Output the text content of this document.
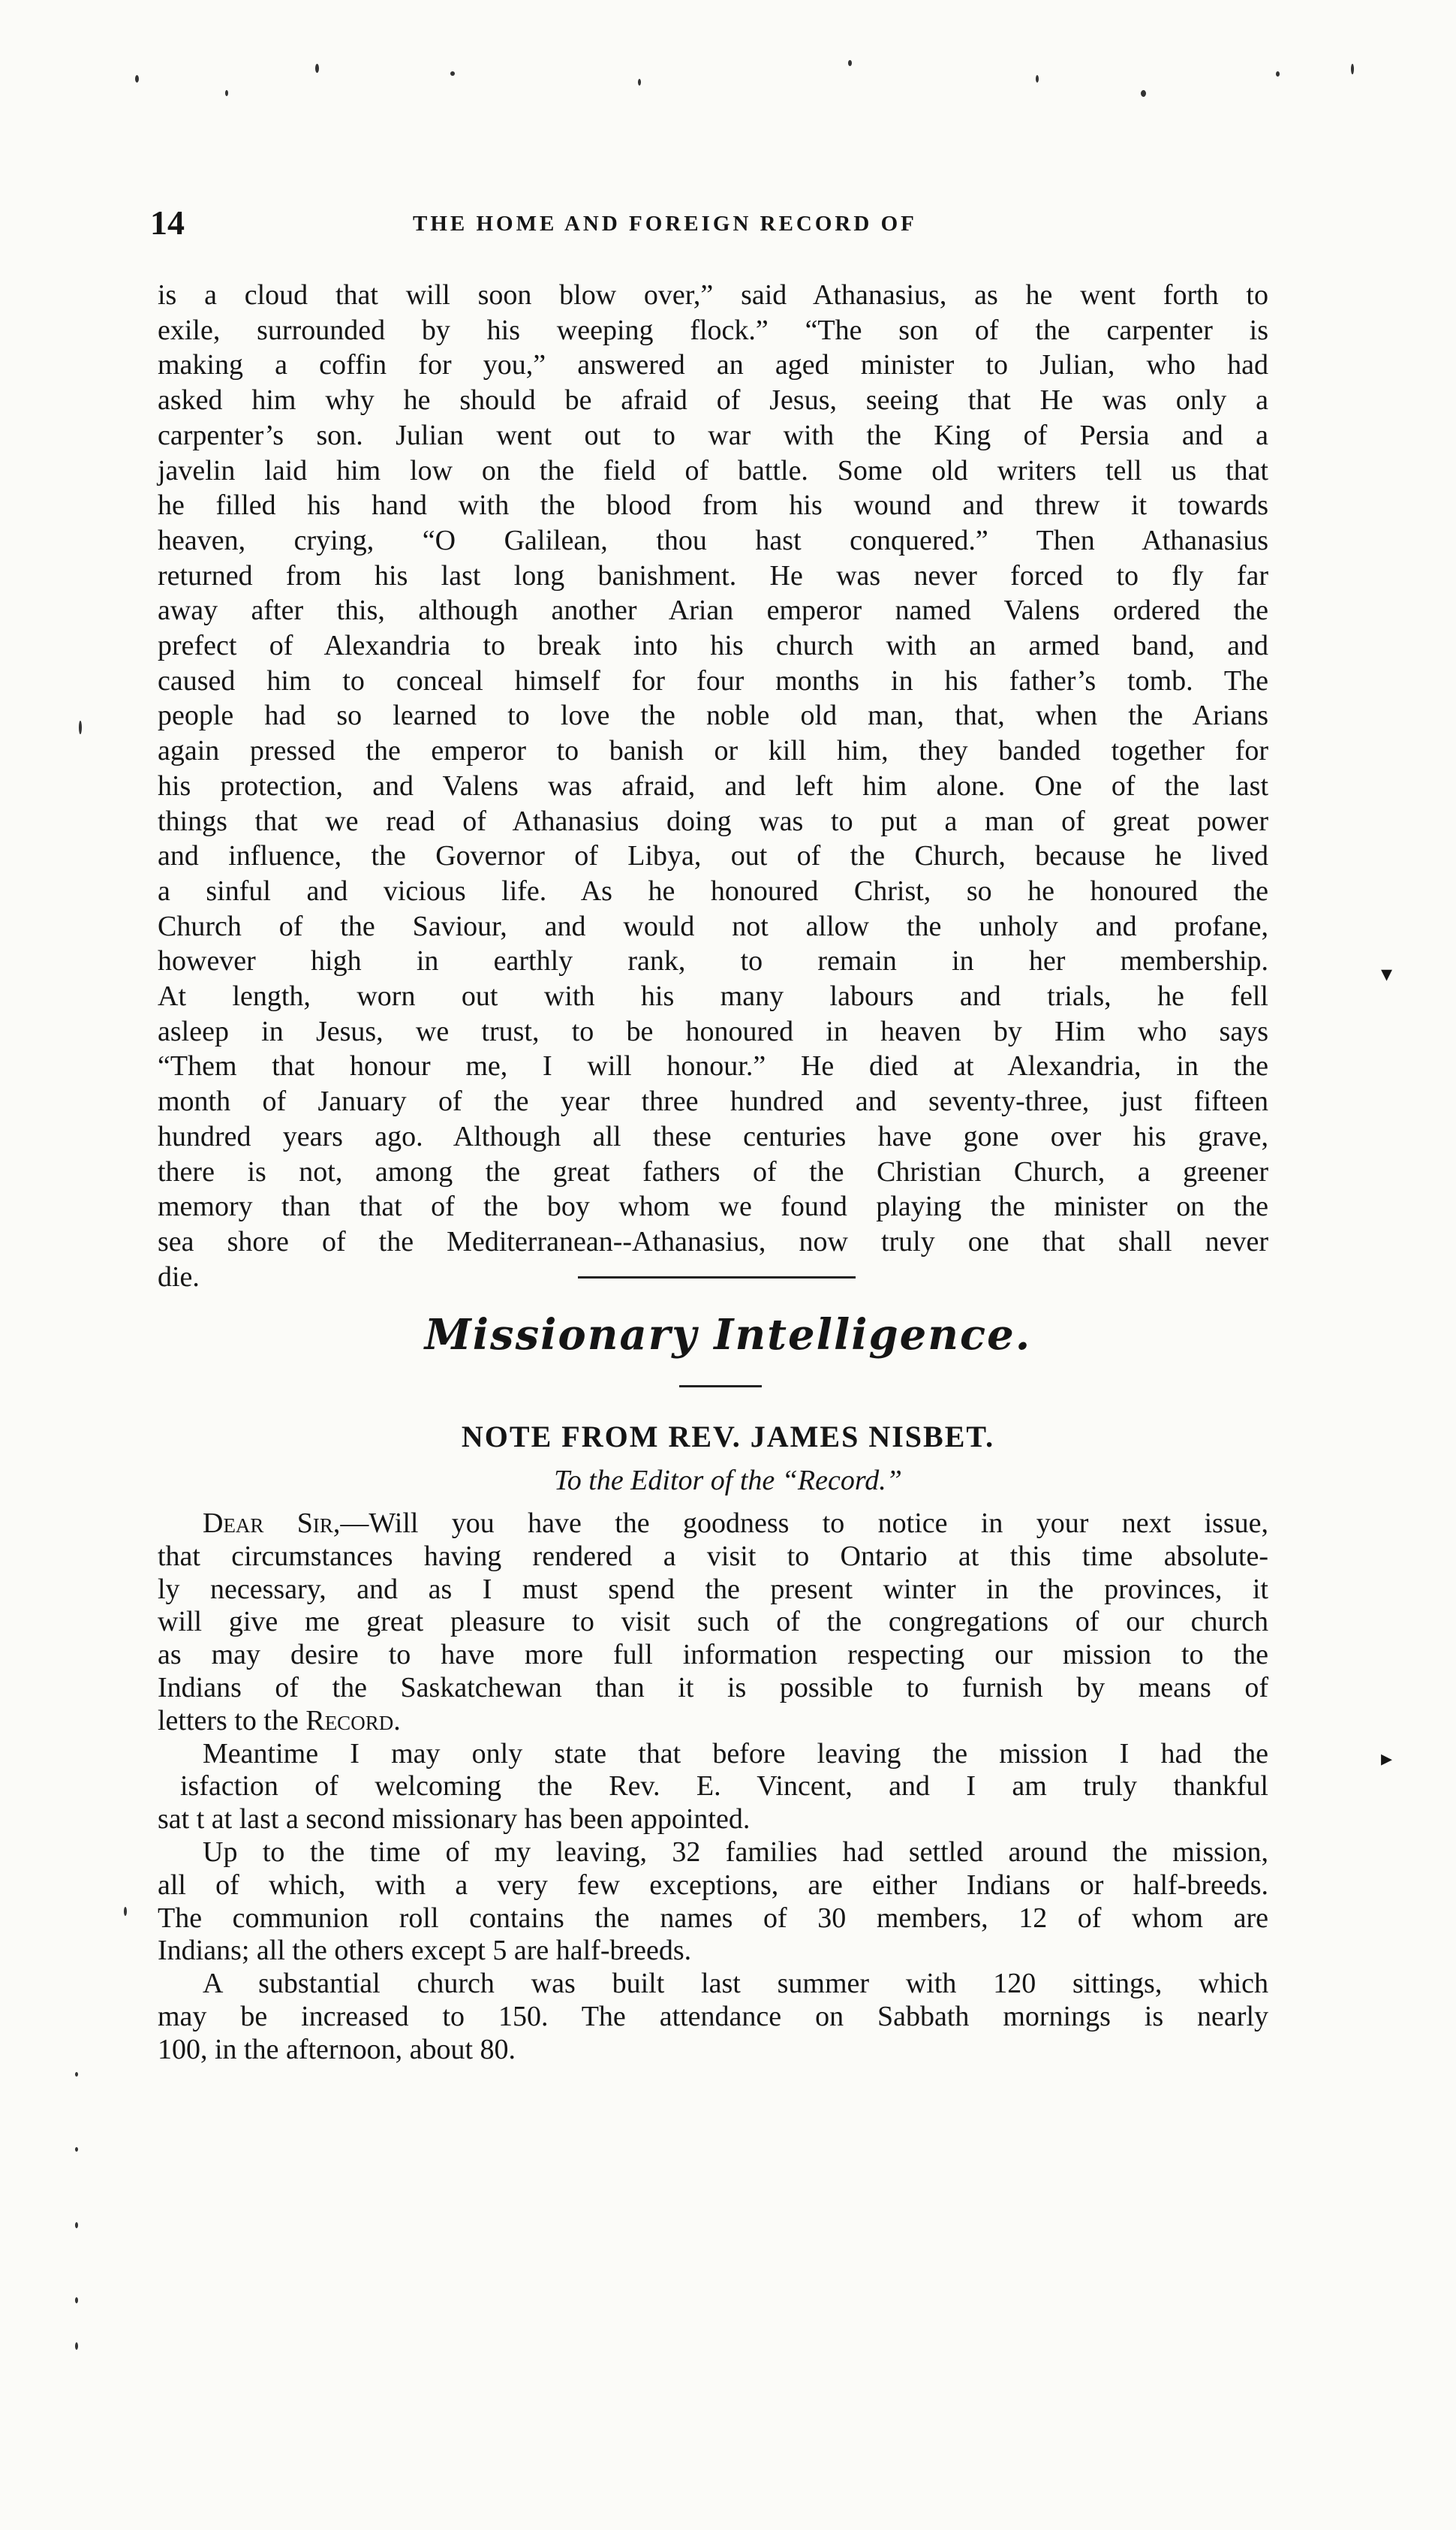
▾
▸
14	THE HOME AND FOREIGN RECORD OF
is a cloud that will soon blow over,” said Athanasius, as he went forth to
exile, surrounded by his weeping flock.” “The son of the carpenter is
making a coffin for you,” answered an aged minister to Julian, who had
asked him why he should be afraid of Jesus, seeing that He was only a
carpenter’s son. Julian went out to war with the King of Persia and a
javelin laid him low on the field of battle. Some old writers tell us that
he filled his hand with the blood from his wound and threw it towards
heaven, crying, “O Galilean, thou hast conquered.” Then Athanasius
returned from his last long banishment. He was never forced to fly far
away after this, although another Arian emperor named Valens ordered the
prefect of Alexandria to break into his church with an armed band, and
caused him to conceal himself for four months in his father’s tomb. The
people had so learned to love the noble old man, that, when the Arians
again pressed the emperor to banish or kill him, they banded together for
his protection, and Valens was afraid, and left him alone. One of the last
things that we read of Athanasius doing was to put a man of great power
and influence, the Governor of Libya, out of the Church, because he lived
a sinful and vicious life. As he honoured Christ, so he honoured the
Church of the Saviour, and would not allow the unholy and profane,
however high in earthly rank, to remain in her membership.
At length, worn out with his many labours and trials, he fell
asleep in Jesus, we trust, to be honoured in heaven by Him who says
“Them that honour me, I will honour.” He died at Alexandria, in the
month of January of the year three hundred and seventy-three, just fifteen
hundred years ago. Although all these centuries have gone over his grave,
there is not, among the great fathers of the Christian Church, a greener
memory than that of the boy whom we found playing the minister on the
sea shore of the Mediterranean--Athanasius, now truly one that shall never
die.
Missionary Intelligence.
NOTE FROM REV. JAMES NISBET.
To the Editor of the “Record.”
Dear Sir,—Will you have the goodness to notice in your next issue,
that circumstances having rendered a visit to Ontario at this time absolute-
ly necessary, and as I must spend the present winter in the provinces, it
will give me great pleasure to visit such of the congregations of our church
as may desire to have more full information respecting our mission to the
Indians of the Saskatchewan than it is possible to furnish by means of
letters to the Record.
Meantime I may only state that before leaving the mission I had the
isfaction of welcoming the Rev. E. Vincent, and I am truly thankful
sat t at last a second missionary has been appointed.
Up to the time of my leaving, 32 families had settled around the mission,
all of which, with a very few exceptions, are either Indians or half-breeds.
The communion roll contains the names of 30 members, 12 of whom are
Indians; all the others except 5 are half-breeds.
A substantial church was built last summer with 120 sittings, which
may be increased to 150. The attendance on Sabbath mornings is nearly
100, in the afternoon, about 80.
